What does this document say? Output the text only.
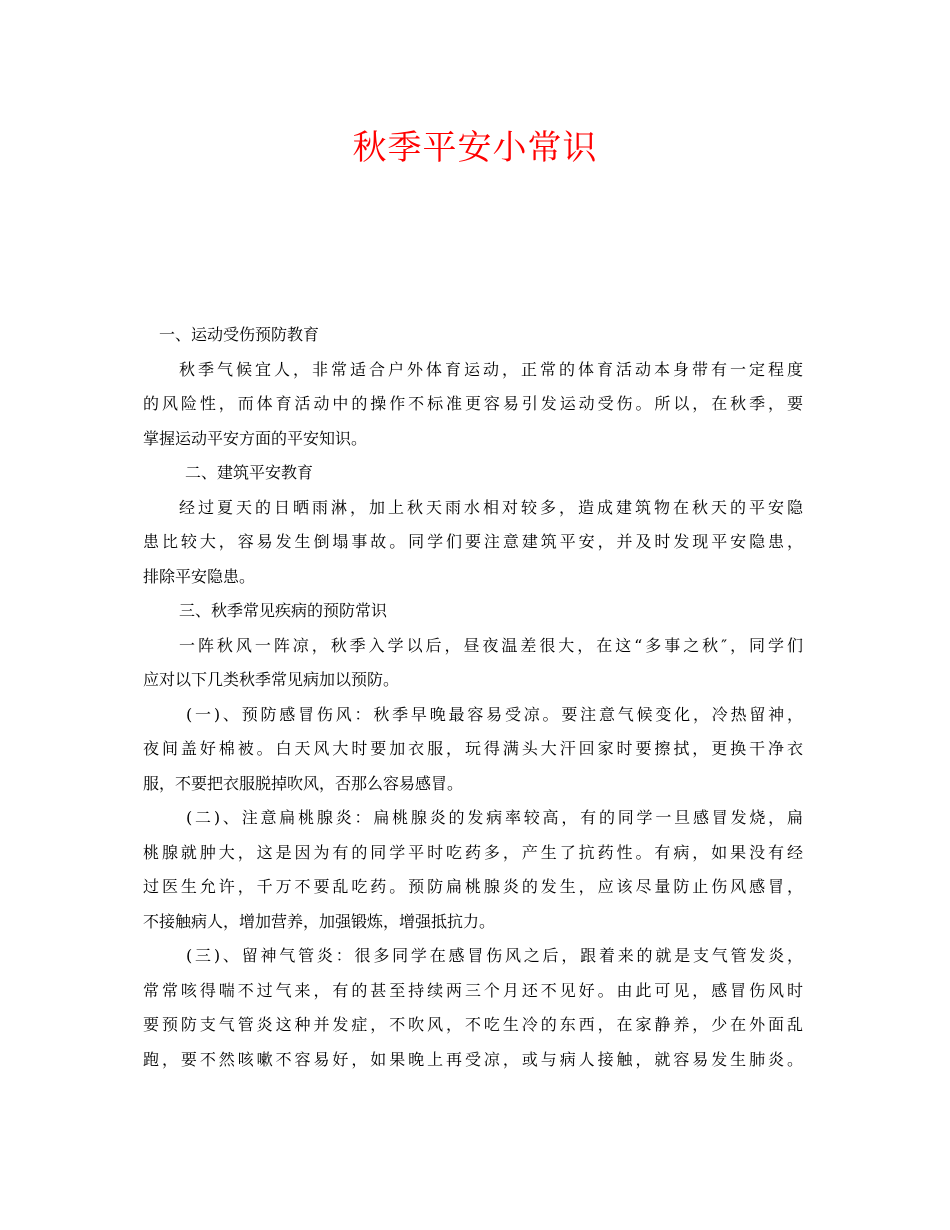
秋季平安小常识
一、运动受伤预防教育
秋季气候宜人，非常适合户外体育运动，正常的体育活动本身带有一定程度
的风险性，而体育活动中的操作不标准更容易引发运动受伤。所以，在秋季，要
掌握运动平安方面的平安知识。
二、建筑平安教育
经过夏天的日晒雨淋，加上秋天雨水相对较多，造成建筑物在秋天的平安隐
患比较大，容易发生倒塌事故。同学们要注意建筑平安，并及时发现平安隐患，
排除平安隐患。
三、秋季常见疾病的预防常识
一阵秋风一阵凉，秋季入学以后，昼夜温差很大，在这“多事之秋″，同学们
应对以下几类秋季常见病加以预防。
(一)、预防感冒伤风：秋季早晚最容易受凉。要注意气候变化，冷热留神，
夜间盖好棉被。白天风大时要加衣服，玩得满头大汗回家时要擦拭，更换干净衣
服，不要把衣服脱掉吹风，否那么容易感冒。
(二)、注意扁桃腺炎：扁桃腺炎的发病率较高，有的同学一旦感冒发烧，扁
桃腺就肿大，这是因为有的同学平时吃药多，产生了抗药性。有病，如果没有经
过医生允许，千万不要乱吃药。预防扁桃腺炎的发生，应该尽量防止伤风感冒，
不接触病人，增加营养，加强锻炼，增强抵抗力。
(三)、留神气管炎：很多同学在感冒伤风之后，跟着来的就是支气管发炎，
常常咳得喘不过气来，有的甚至持续两三个月还不见好。由此可见，感冒伤风时
要预防支气管炎这种并发症，不吹风，不吃生冷的东西，在家静养，少在外面乱
跑，要不然咳嗽不容易好，如果晚上再受凉，或与病人接触，就容易发生肺炎。
